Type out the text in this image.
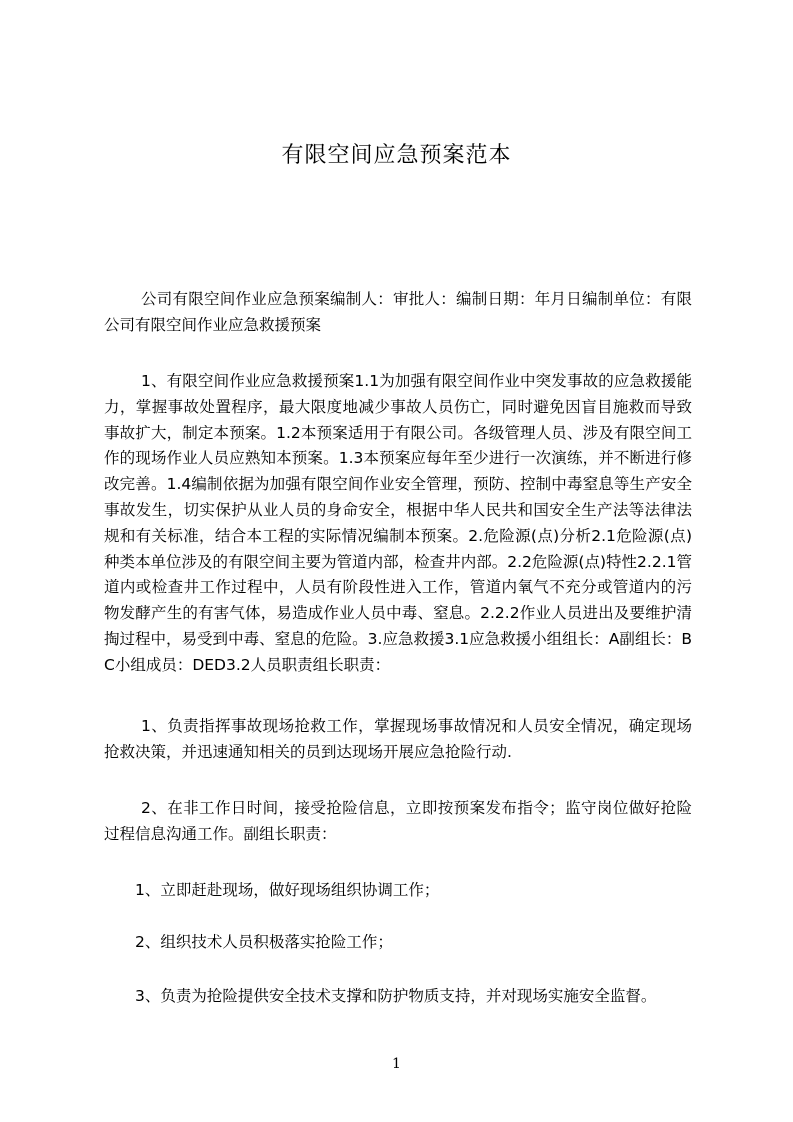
有限空间应急预案范本

公司有限空间作业应急预案编制人：审批人：编制日期：年月日编制单位：有限公司有限空间作业应急救援预案

1、有限空间作业应急救援预案1.1为加强有限空间作业中突发事故的应急救援能力，掌握事故处置程序，最大限度地减少事故人员伤亡，同时避免因盲目施救而导致事故扩大，制定本预案。1.2本预案适用于有限公司。各级管理人员、涉及有限空间工作的现场作业人员应熟知本预案。1.3本预案应每年至少进行一次演练，并不断进行修改完善。1.4编制依据为加强有限空间作业安全管理，预防、控制中毒窒息等生产安全事故发生，切实保护从业人员的身命安全，根据中华人民共和国安全生产法等法律法规和有关标准，结合本工程的实际情况编制本预案。2.危险源(点)分析2.1危险源(点)种类本单位涉及的有限空间主要为管道内部，检查井内部。2.2危险源(点)特性2.2.1管道内或检查井工作过程中，人员有阶段性进入工作，管道内氧气不充分或管道内的污物发酵产生的有害气体，易造成作业人员中毒、窒息。2.2.2作业人员进出及要维护清掏过程中，易受到中毒、窒息的危险。3.应急救援3.1应急救援小组组长：A副组长：BC小组成员：DED3.2人员职责组长职责：

1、负责指挥事故现场抢救工作，掌握现场事故情况和人员安全情况，确定现场抢救决策，并迅速通知相关的员到达现场开展应急抢险行动.

2、在非工作日时间，接受抢险信息，立即按预案发布指令；监守岗位做好抢险过程信息沟通工作。副组长职责：

1、立即赶赴现场，做好现场组织协调工作；

2、组织技术人员积极落实抢险工作；

3、负责为抢险提供安全技术支撑和防护物质支持，并对现场实施安全监督。

1
